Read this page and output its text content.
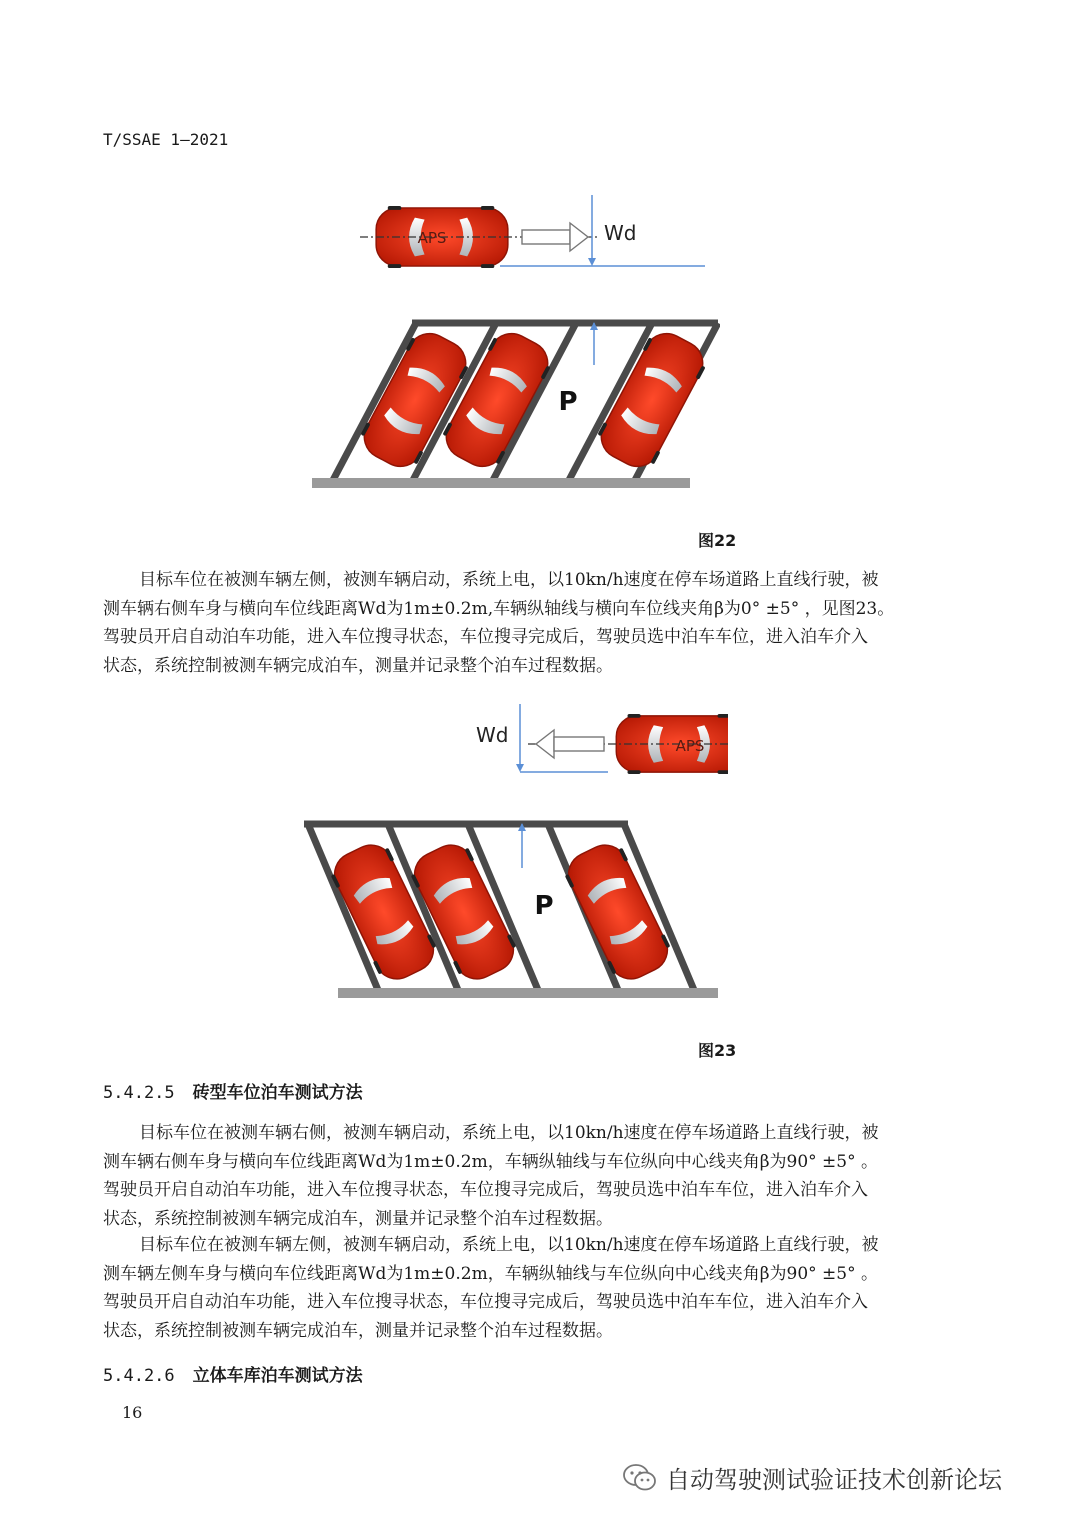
T/SSAE 1—2021
APS	Wd
P
图22
目标车位在被测车辆左侧，被测车辆启动，系统上电，以10kn/h速度在停车场道路上直线行驶，被
测车辆右侧车身与横向车位线距离Wd为1m±0.2m,车辆纵轴线与横向车位线夹角β为0° ±5° ，见图23。
驾驶员开启自动泊车功能，进入车位搜寻状态，车位搜寻完成后，驾驶员选中泊车车位，进入泊车介入
状态，系统控制被测车辆完成泊车，测量并记录整个泊车过程数据。
APS
Wd
P
图23
5.4.2.5 砖型车位泊车测试方法
目标车位在被测车辆右侧，被测车辆启动，系统上电，以10kn/h速度在停车场道路上直线行驶，被
测车辆右侧车身与横向车位线距离Wd为1m±0.2m，车辆纵轴线与车位纵向中心线夹角β为90° ±5° 。
驾驶员开启自动泊车功能，进入车位搜寻状态，车位搜寻完成后，驾驶员选中泊车车位，进入泊车介入
状态，系统控制被测车辆完成泊车，测量并记录整个泊车过程数据。
目标车位在被测车辆左侧，被测车辆启动，系统上电，以10kn/h速度在停车场道路上直线行驶，被
测车辆左侧车身与横向车位线距离Wd为1m±0.2m，车辆纵轴线与车位纵向中心线夹角β为90° ±5° 。
驾驶员开启自动泊车功能，进入车位搜寻状态，车位搜寻完成后，驾驶员选中泊车车位，进入泊车介入
状态，系统控制被测车辆完成泊车，测量并记录整个泊车过程数据。
5.4.2.6 立体车库泊车测试方法
16
自动驾驶测试验证技术创新论坛
